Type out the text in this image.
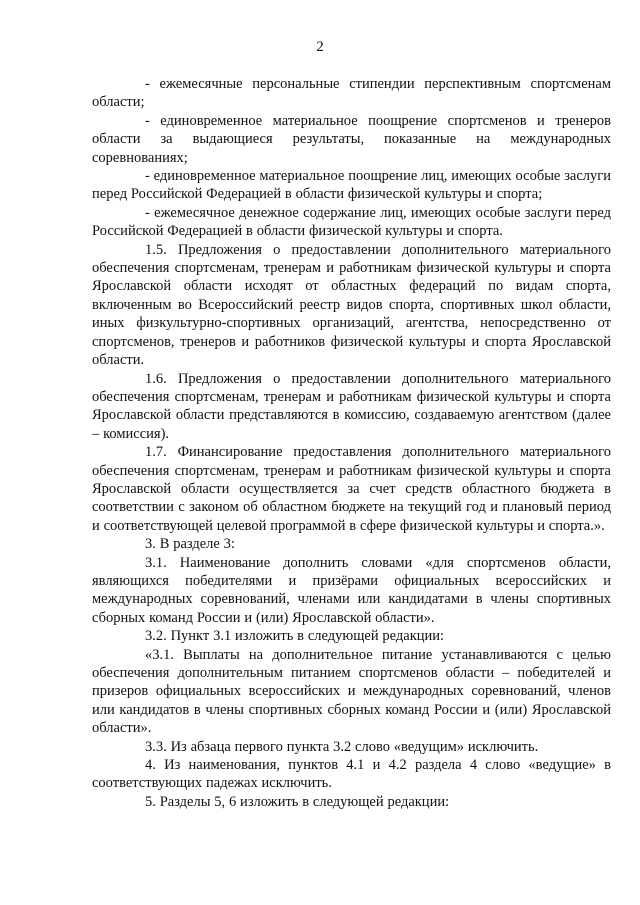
2

- ежемесячные персональные стипендии перспективным спортсменам области;

- единовременное материальное поощрение спортсменов и тренеров области за выдающиеся результаты, показанные на международных соревнованиях;

- единовременное материальное поощрение лиц, имеющих особые заслуги перед Российской Федерацией в области физической культуры и спорта;

- ежемесячное денежное содержание лиц, имеющих особые заслуги перед Российской Федерацией в области физической культуры и спорта.

1.5. Предложения о предоставлении дополнительного материального обеспечения спортсменам, тренерам и работникам физической культуры и спорта Ярославской области исходят от областных федераций по видам спорта, включенным во Всероссийский реестр видов спорта, спортивных школ области, иных физкультурно-спортивных организаций, агентства, непосредственно от спортсменов, тренеров и работников физической культуры и спорта Ярославской области.

1.6. Предложения о предоставлении дополнительного материального обеспечения спортсменам, тренерам и работникам физической культуры и спорта Ярославской области представляются в комиссию, создаваемую агентством (далее – комиссия).

1.7. Финансирование предоставления дополнительного материального обеспечения спортсменам, тренерам и работникам физической культуры и спорта Ярославской области осуществляется за счет средств областного бюджета в соответствии с законом об областном бюджете на текущий год и плановый период и соответствующей целевой программой в сфере физической культуры и спорта.».

3. В разделе 3:

3.1. Наименование дополнить словами «для спортсменов области, являющихся победителями и призёрами официальных всероссийских и международных соревнований, членами или кандидатами в члены спортивных сборных команд России и (или) Ярославской области».

3.2. Пункт 3.1 изложить в следующей редакции:

«3.1. Выплаты на дополнительное питание устанавливаются с целью обеспечения дополнительным питанием спортсменов области – победителей и призеров официальных всероссийских и международных соревнований, членов или кандидатов в члены спортивных сборных команд России и (или) Ярославской области».

3.3. Из абзаца первого пункта 3.2 слово «ведущим» исключить.

4. Из наименования, пунктов 4.1 и 4.2 раздела 4 слово «ведущие» в соответствующих падежах исключить.

5. Разделы 5, 6 изложить в следующей редакции:
